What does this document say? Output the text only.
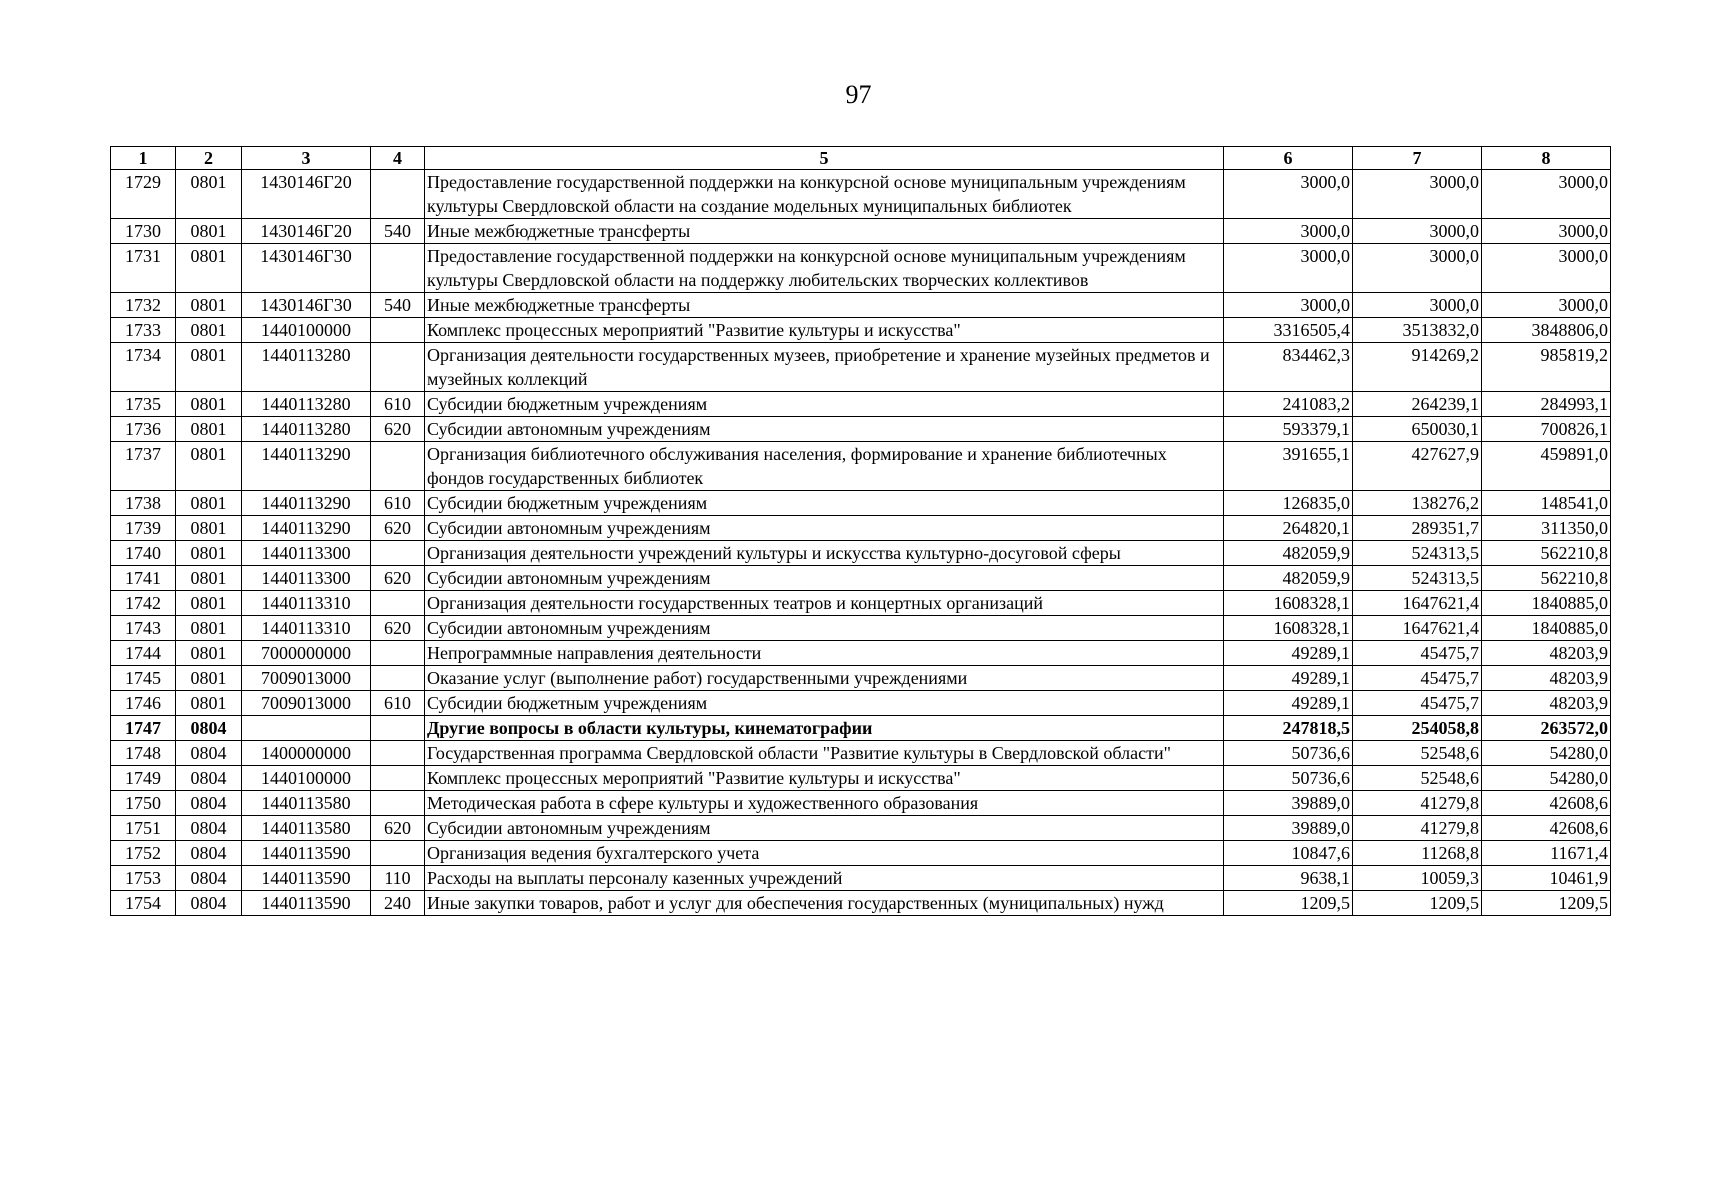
97
1	2	3	4	5	6	7	8
1729	0801	1430146Г20		Предоставление государственной поддержки на конкурсной основе муниципальным учреждениям культуры Свердловской области на создание модельных муниципальных библиотек	3000,0	3000,0	3000,0
1730	0801	1430146Г20	540	Иные межбюджетные трансферты	3000,0	3000,0	3000,0
1731	0801	1430146Г30		Предоставление государственной поддержки на конкурсной основе муниципальным учреждениям культуры Свердловской области на поддержку любительских творческих коллективов	3000,0	3000,0	3000,0
1732	0801	1430146Г30	540	Иные межбюджетные трансферты	3000,0	3000,0	3000,0
1733	0801	1440100000		Комплекс процессных мероприятий "Развитие культуры и искусства"	3316505,4	3513832,0	3848806,0
1734	0801	1440113280		Организация деятельности государственных музеев, приобретение и хранение музейных предметов и музейных коллекций	834462,3	914269,2	985819,2
1735	0801	1440113280	610	Субсидии бюджетным учреждениям	241083,2	264239,1	284993,1
1736	0801	1440113280	620	Субсидии автономным учреждениям	593379,1	650030,1	700826,1
1737	0801	1440113290		Организация библиотечного обслуживания населения, формирование и хранение библиотечных фондов государственных библиотек	391655,1	427627,9	459891,0
1738	0801	1440113290	610	Субсидии бюджетным учреждениям	126835,0	138276,2	148541,0
1739	0801	1440113290	620	Субсидии автономным учреждениям	264820,1	289351,7	311350,0
1740	0801	1440113300		Организация деятельности учреждений культуры и искусства культурно-досуговой сферы	482059,9	524313,5	562210,8
1741	0801	1440113300	620	Субсидии автономным учреждениям	482059,9	524313,5	562210,8
1742	0801	1440113310		Организация деятельности государственных театров и концертных организаций	1608328,1	1647621,4	1840885,0
1743	0801	1440113310	620	Субсидии автономным учреждениям	1608328,1	1647621,4	1840885,0
1744	0801	7000000000		Непрограммные направления деятельности	49289,1	45475,7	48203,9
1745	0801	7009013000		Оказание услуг (выполнение работ) государственными учреждениями	49289,1	45475,7	48203,9
1746	0801	7009013000	610	Субсидии бюджетным учреждениям	49289,1	45475,7	48203,9
1747	0804			Другие вопросы в области культуры, кинематографии	247818,5	254058,8	263572,0
1748	0804	1400000000		Государственная программа Свердловской области "Развитие культуры в Свердловской области"	50736,6	52548,6	54280,0
1749	0804	1440100000		Комплекс процессных мероприятий "Развитие культуры и искусства"	50736,6	52548,6	54280,0
1750	0804	1440113580		Методическая работа в сфере культуры и художественного образования	39889,0	41279,8	42608,6
1751	0804	1440113580	620	Субсидии автономным учреждениям	39889,0	41279,8	42608,6
1752	0804	1440113590		Организация ведения бухгалтерского учета	10847,6	11268,8	11671,4
1753	0804	1440113590	110	Расходы на выплаты персоналу казенных учреждений	9638,1	10059,3	10461,9
1754	0804	1440113590	240	Иные закупки товаров, работ и услуг для обеспечения государственных (муниципальных) нужд	1209,5	1209,5	1209,5
